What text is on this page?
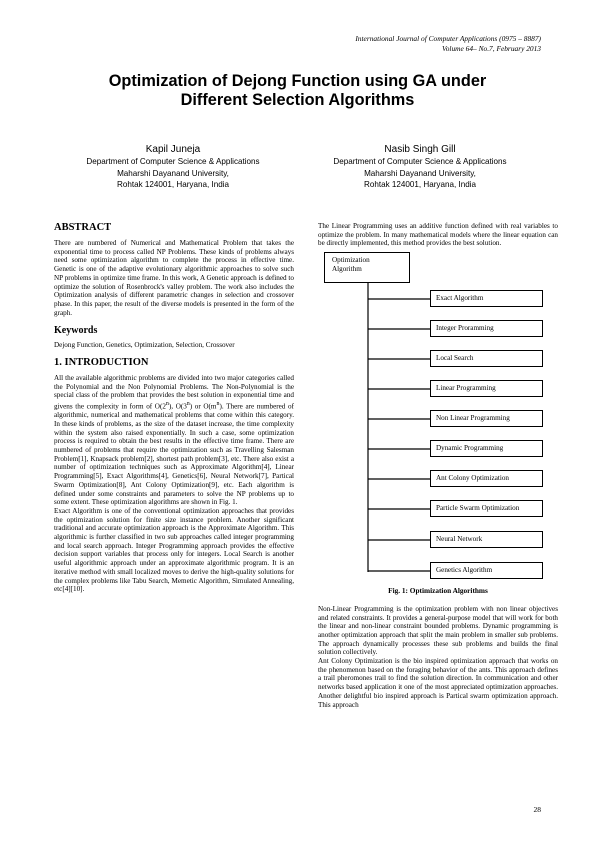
International Journal of Computer Applications (0975 – 8887)
Volume 64– No.7, February 2013
Optimization of Dejong Function using GA under
Different Selection Algorithms
Kapil Juneja
Department of Computer Science & Applications
Maharshi Dayanand University,
Rohtak 124001, Haryana, India
Nasib Singh Gill
Department of Computer Science & Applications
Maharshi Dayanand University,
Rohtak 124001, Haryana, India

ABSTRACT

There are numbered of Numerical and Mathematical Problem that takes the exponential time to process called NP Problems. These kinds of problems always need some optimization algorithm to complete the process in effective time. Genetic is one of the adaptive evolutionary algorithmic approaches to solve such NP problems in optimize time frame. In this work, A Genetic approach is defined to optimize the solution of Rosenbrock's valley problem. The work also includes the Optimization analysis of different parametric changes in selection and crossover phase. In this paper, the result of the diverse models is presented in the form of the graph.

Keywords

Dejong Function, Genetics, Optimization, Selection, Crossover

1. INTRODUCTION

All the available algorithmic problems are divided into two major categories called the Polynomial and the Non Polynomial Problems. The Non-Polynomial is the special class of the problem that provides the best solution in exponential time and givens the complexity in form of O(2$^n$), O(3$^n$) or $O(m^n)$. There are numbered of algorithmic, numerical and mathematical problems that come within this category. In these kinds of problems, as the size of the dataset increase, the time complexity within the system also raised exponentially. In such a case, some optimization process is required to obtain the best results in the effective time frame. There are numbered of problems that require the optimization such as Travelling Salesman Problem[1], Knapsack problem[2], shortest path problem[3], etc. There also exist a number of optimization techniques such as Approximate Algorithm[4], Linear Programming[5], Exact Algorithms[4], Genetics[6], Neural Network[7], Partical Swarm Optimization[8], Ant Colony Optimization[9], etc. Each algorithm is defined under some constraints and parameters to solve the NP problems up to some extent. These optimization algorithms are shown in Fig. 1.

Exact Algorithm is one of the conventional optimization approaches that provides the optimization solution for finite size instance problem. Another significant traditional and accurate optimization approach is the Approximate Algorithm. This algorithmic is further classified in two sub approaches called integer programming and local search approach. Integer Programming approach provides the effective decision support variables that process only for integers. Local Search is another useful algorithmic approach under an approximate algorithmic program. It is an iterative method with small localized moves to derive the high-quality solutions for the complex problems like Tabu Search, Memetic Algorithm, Simulated Annealing, etc[4][10].

The Linear Programming uses an additive function defined with real variables to optimize the problem. In many mathematical models where the linear equation can be directly implemented, this method provides the best solution.

Optimization
Algorithm
Exact Algorithm
Integer Proramming
Local Search
Linear Programming
Non Linear Programming
Dynamic Programming
Ant Colony Optimization
Particle Swarm Optimization
Neural Network
Genetics Algorithm
Fig. 1: Optimization Algorithms

Non-Linear Programming is the optimization problem with non linear objectives and related constraints. It provides a general-purpose model that will work for both the linear and non-linear constraint bounded problems. Dynamic programming is another optimization approach that split the main problem in smaller sub problems. The approach dynamically processes these sub problems and builds the final solution collectively.

Ant Colony Optimization is the bio inspired optimization approach that works on the phenomenon based on the foraging behavior of the ants. This approach defines a trail pheromones trail to find the solution direction. In communication and other networks based application it one of the most appreciated optimization approaches. Another delightful bio inspired approach is Partical swarm optimization approach. This approach

28
